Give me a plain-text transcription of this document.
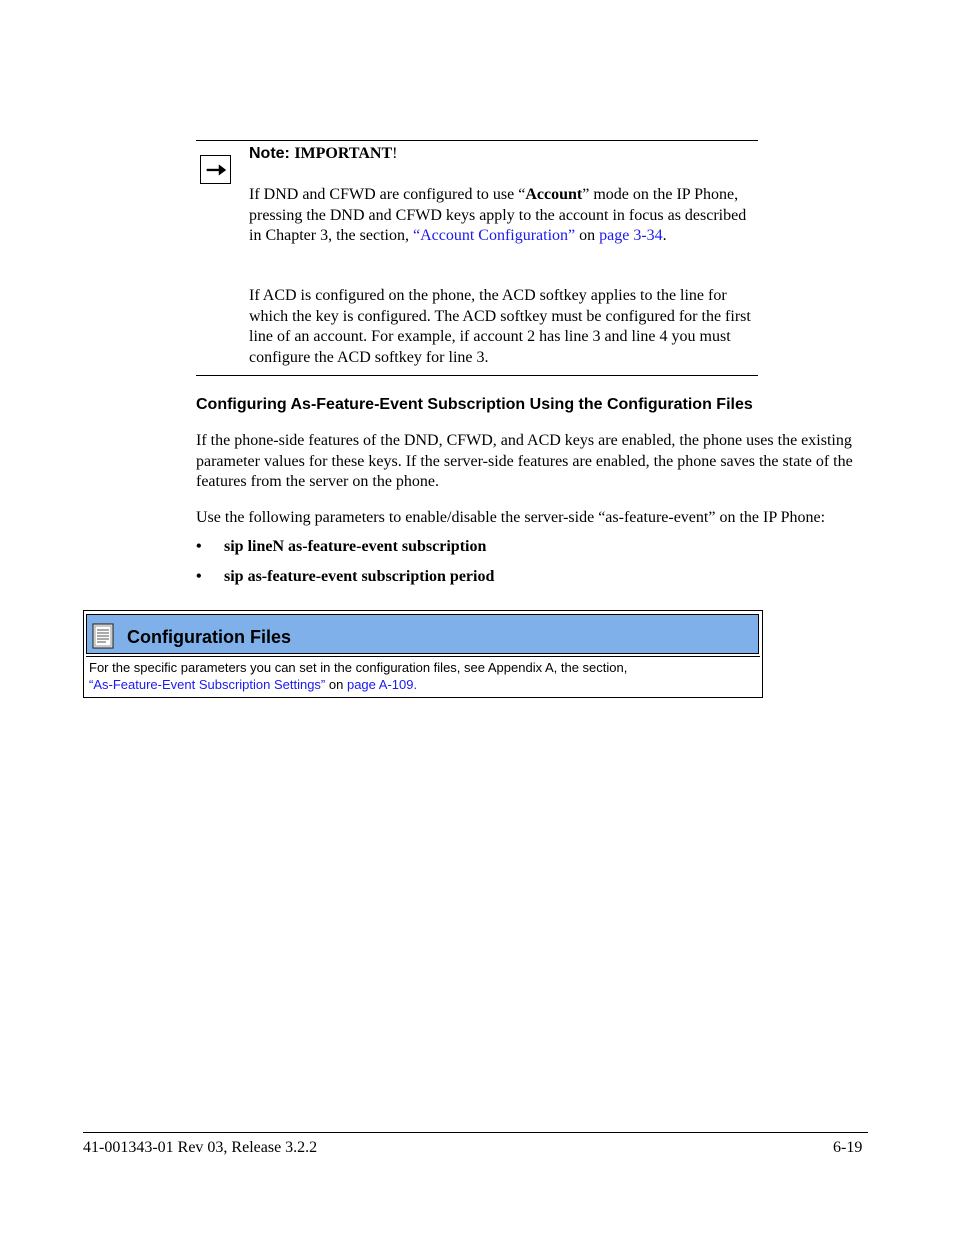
Note: IMPORTANT!
If DND and CFWD are configured to use “Account” mode on the IP Phone, pressing the DND and CFWD keys apply to the account in focus as described in Chapter 3, the section, “Account Configuration” on page 3-34.
If ACD is configured on the phone, the ACD softkey applies to the line for which the key is configured. The ACD softkey must be configured for the first line of an account. For example, if account 2 has line 3 and line 4 you must configure the ACD softkey for line 3.
Configuring As-Feature-Event Subscription Using the Configuration Files
If the phone-side features of the DND, CFWD, and ACD keys are enabled, the phone uses the existing parameter values for these keys. If the server-side features are enabled, the phone saves the state of the features from the server on the phone.
Use the following parameters to enable/disable the server-side “as-feature-event” on the IP Phone:
• sip lineN as-feature-event subscription
• sip as-feature-event subscription period
Configuration Files
For the specific parameters you can set in the configuration files, see Appendix A, the section,
“As-Feature-Event Subscription Settings” on page A-109.
41-001343-01 Rev 03, Release 3.2.2	6-19
